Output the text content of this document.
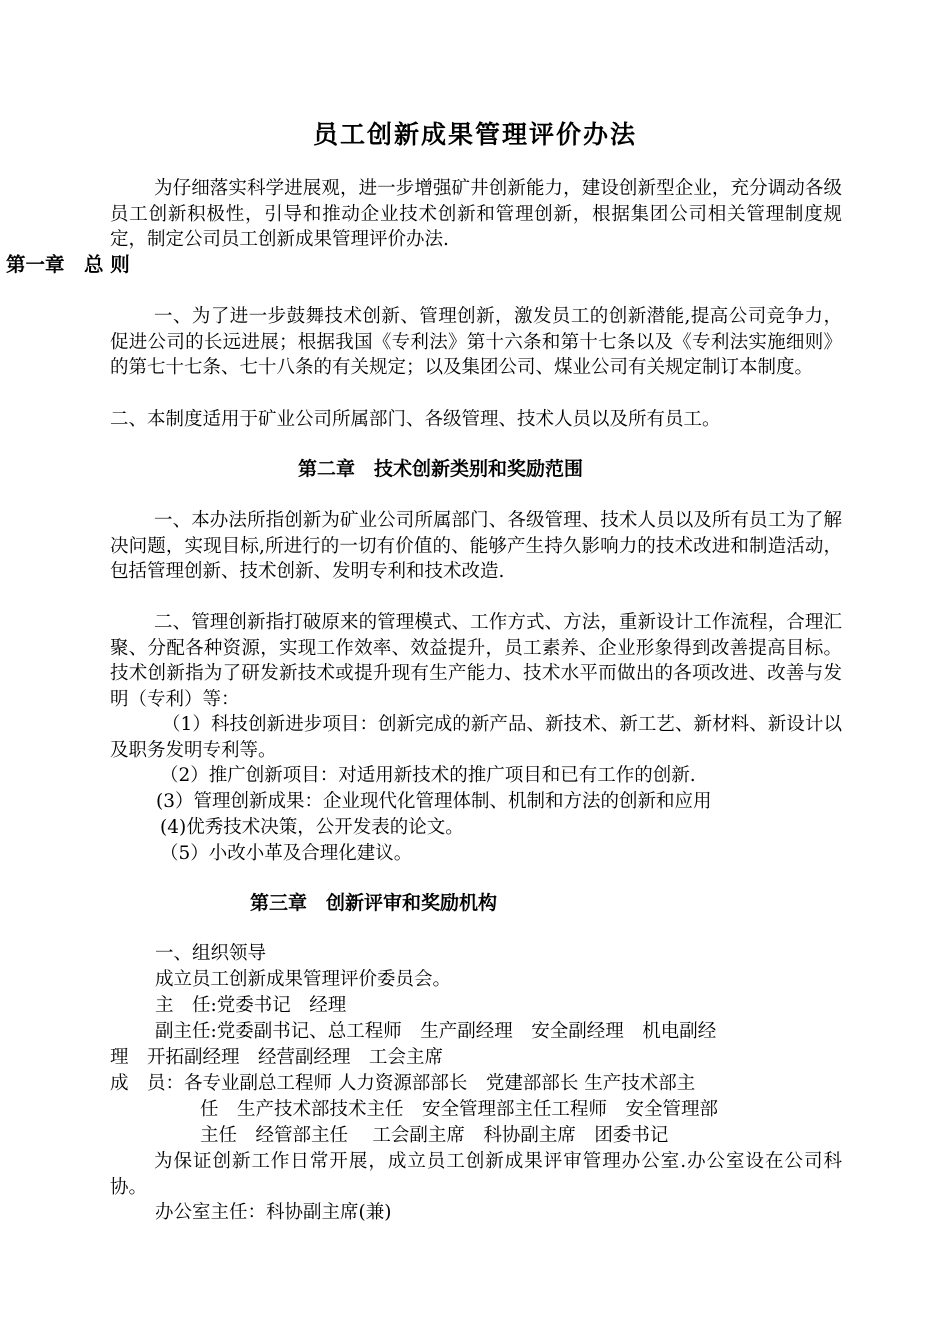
员工创新成果管理评价办法

为仔细落实科学进展观，进一步增强矿井创新能力，建设创新型企业，充分调动各级员工创新积极性，引导和推动企业技术创新和管理创新，根据集团公司相关管理制度规定，制定公司员工创新成果管理评价办法.

第一章　总 则

一、为了进一步鼓舞技术创新、管理创新，激发员工的创新潜能,提高公司竞争力，促进公司的长远进展；根据我国《专利法》第十六条和第十七条以及《专利法实施细则》的第七十七条、七十八条的有关规定；以及集团公司、煤业公司有关规定制订本制度。

二、本制度适用于矿业公司所属部门、各级管理、技术人员以及所有员工。

第二章　技术创新类别和奖励范围

一、本办法所指创新为矿业公司所属部门、各级管理、技术人员以及所有员工为了解决问题，实现目标,所进行的一切有价值的、能够产生持久影响力的技术改进和制造活动，包括管理创新、技术创新、发明专利和技术改造.

二、管理创新指打破原来的管理模式、工作方式、方法，重新设计工作流程，合理汇聚、分配各种资源，实现工作效率、效益提升，员工素养、企业形象得到改善提高目标。技术创新指为了研发新技术或提升现有生产能力、技术水平而做出的各项改进、改善与发明（专利）等：

（1）科技创新进步项目：创新完成的新产品、新技术、新工艺、新材料、新设计以及职务发明专利等。

（2）推广创新项目：对适用新技术的推广项目和已有工作的创新.

(3）管理创新成果：企业现代化管理体制、机制和方法的创新和应用

(4)优秀技术决策，公开发表的论文。

（5）小改小革及合理化建议。

第三章　创新评审和奖励机构

一、组织领导

成立员工创新成果管理评价委员会。

主　任:党委书记　经理

副主任:党委副书记、总工程师　生产副经理　安全副经理　机电副经

理　开拓副经理　经营副经理　工会主席

成　员：各专业副总工程师 人力资源部部长　党建部部长 生产技术部主

任　生产技术部技术主任　安全管理部主任工程师　安全管理部

主任　经管部主任　 工会副主席　科协副主席　团委书记

为保证创新工作日常开展，成立员工创新成果评审管理办公室.办公室设在公司科协。

办公室主任：科协副主席(兼)
